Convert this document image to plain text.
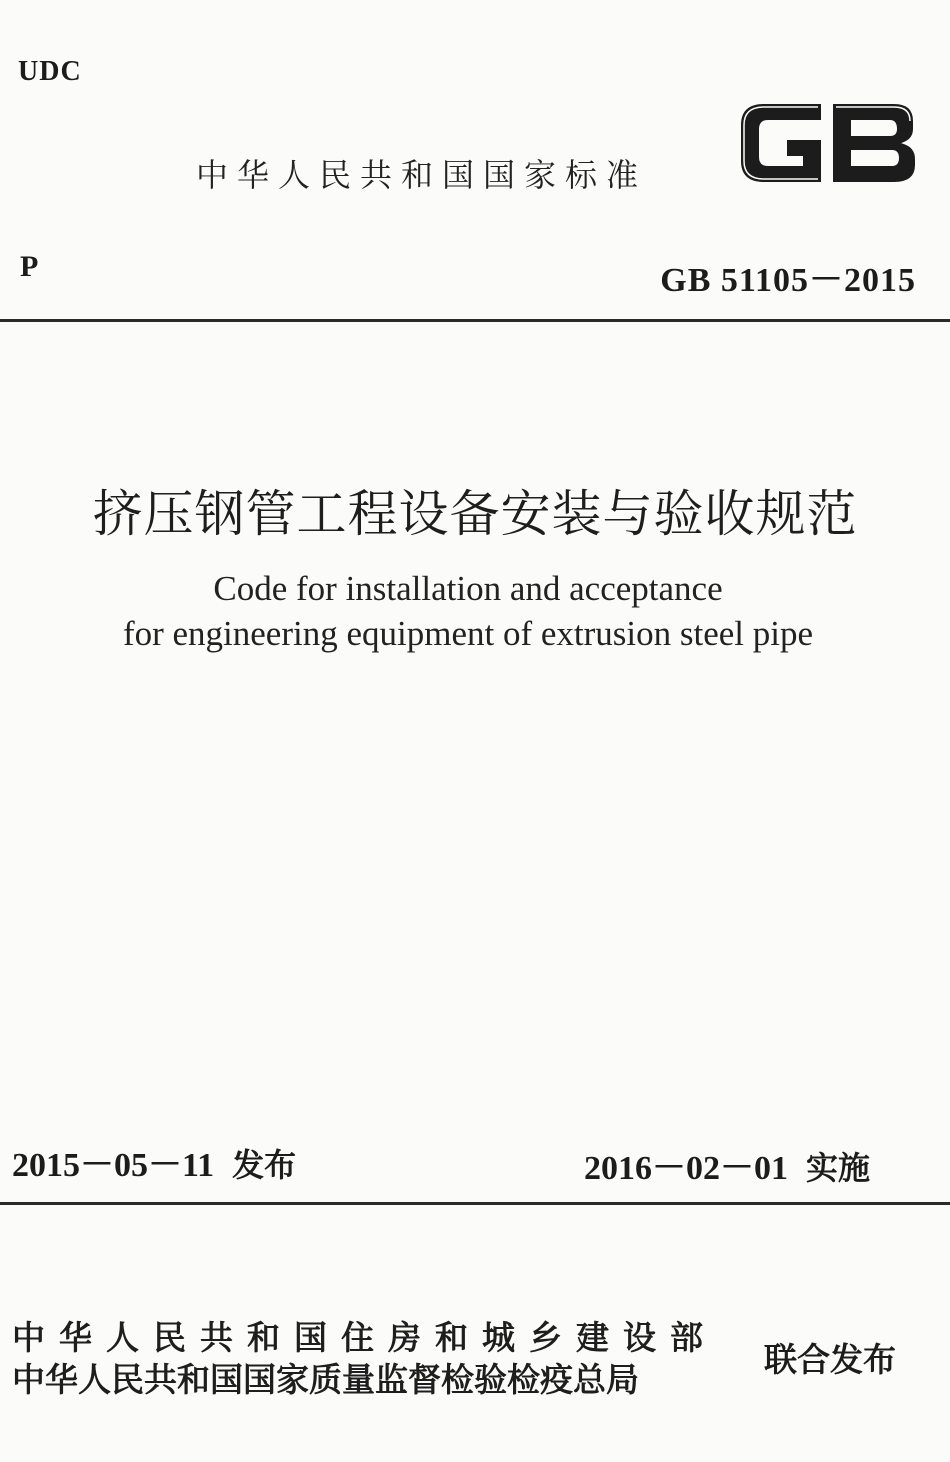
UDC
中华人民共和国国家标准
P	GB 51105－2015
挤压钢管工程设备安装与验收规范
Code for installation and acceptance
for engineering equipment of extrusion steel pipe
2015－05－11 发布	2016－02－01 实施
中华人民共和国住房和城乡建设部
中华人民共和国国家质量监督检验检疫总局
联合发布
